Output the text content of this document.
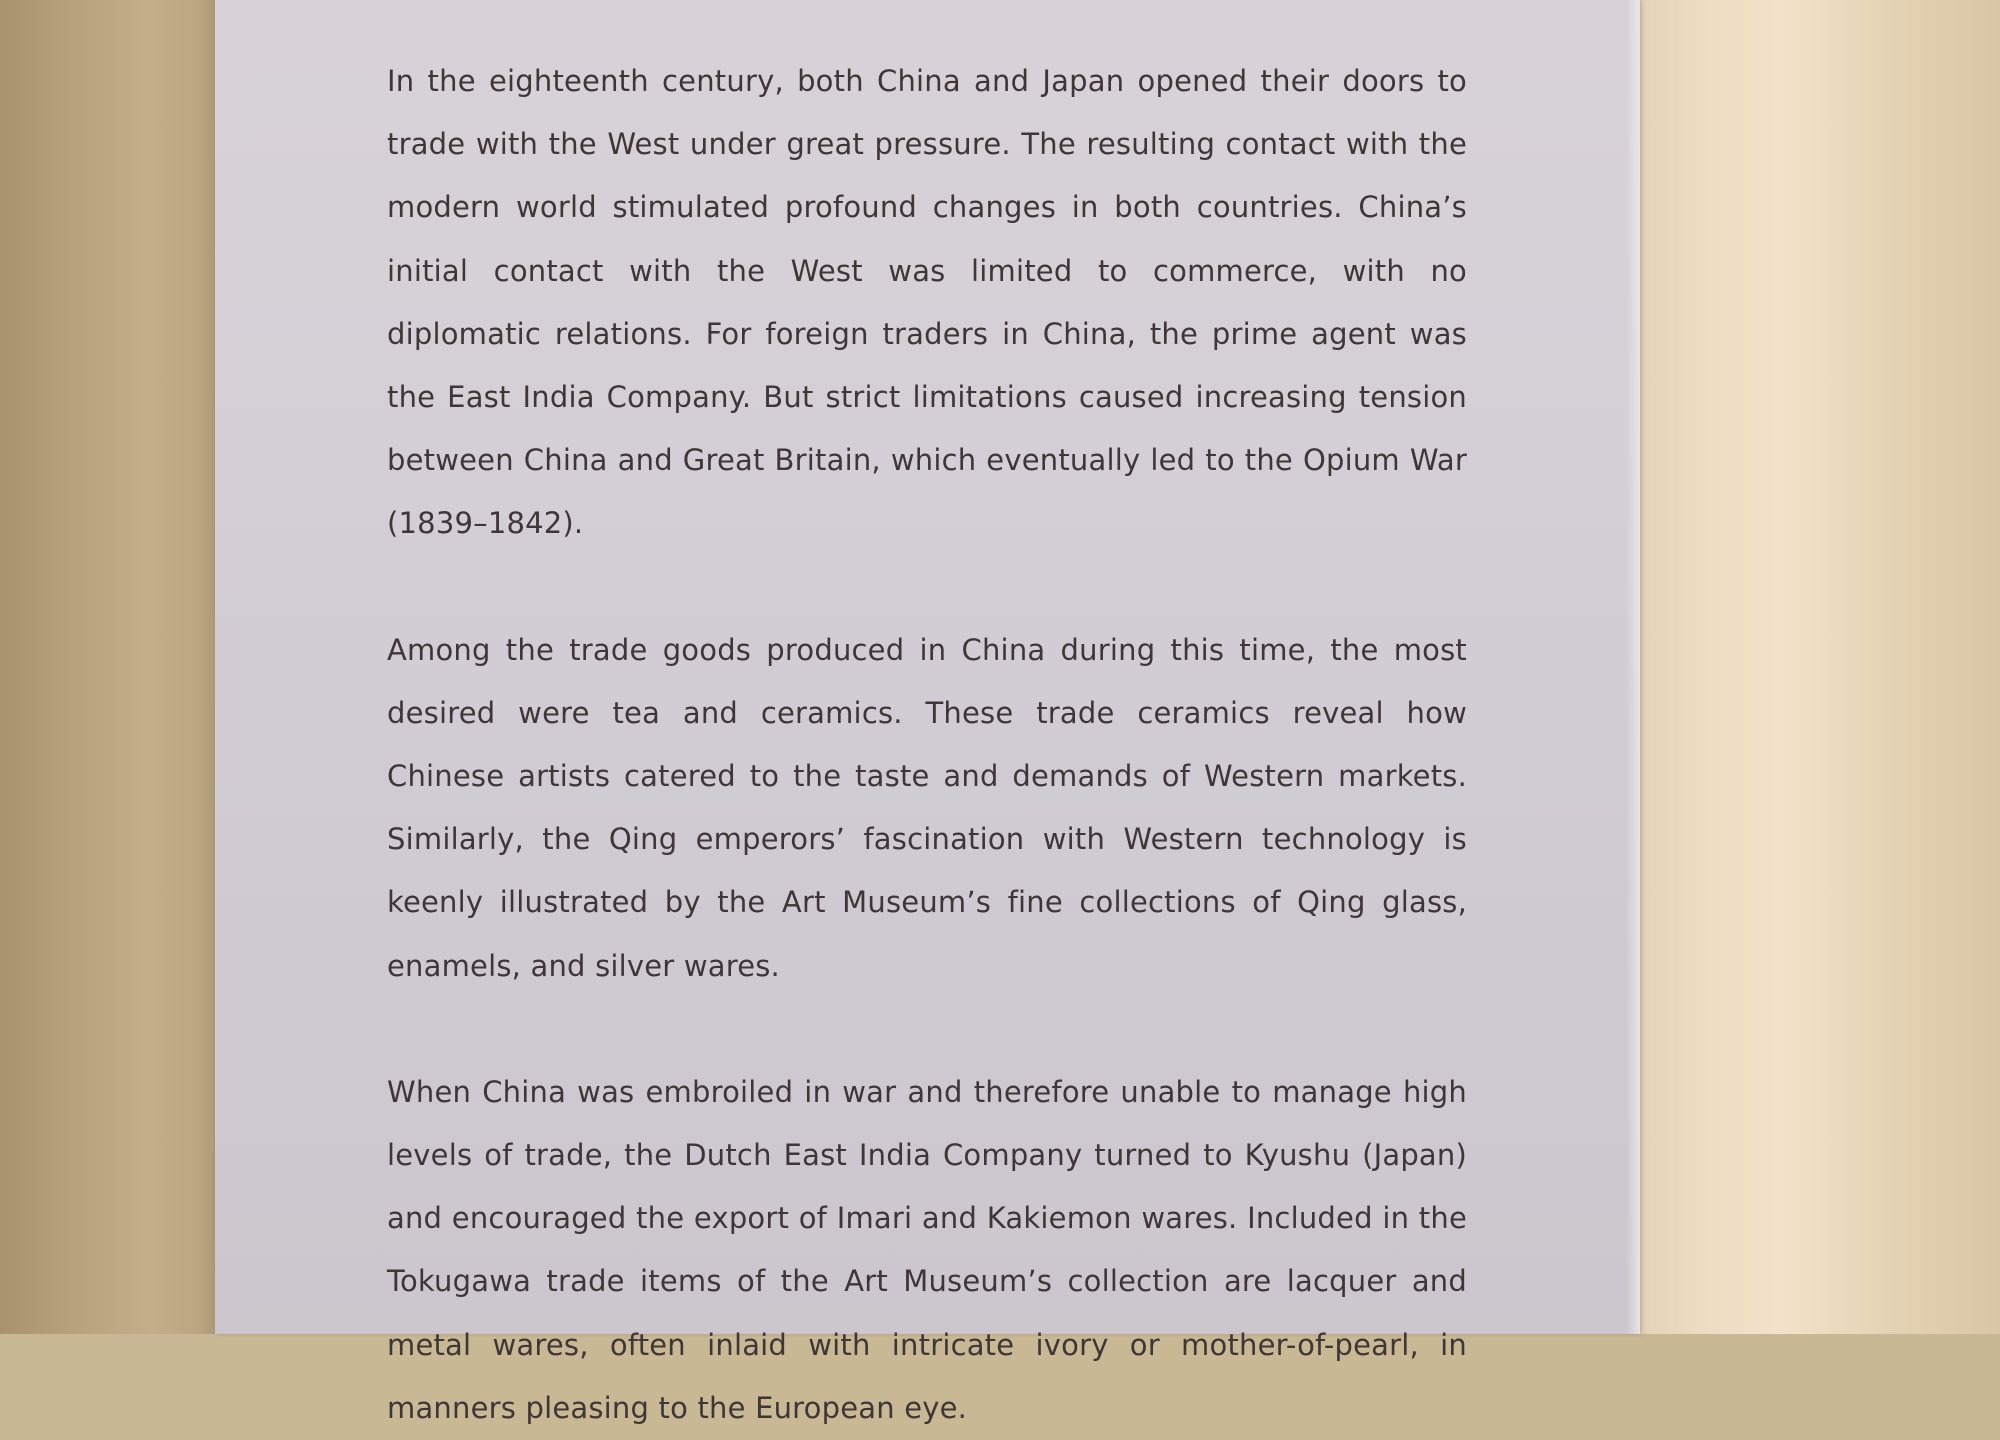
In the eighteenth century, both China and Japan opened their doors to trade with the West under great pressure. The resulting contact with the modern world stimulated profound changes in both countries. China’s initial contact with the West was limited to commerce, with no diplomatic relations. For foreign traders in China, the prime agent was the East India Company. But strict limitations caused increasing tension between China and Great Britain, which eventually led to the Opium War (1839–1842).

Among the trade goods produced in China during this time, the most desired were tea and ceramics. These trade ceramics reveal how Chinese artists catered to the taste and demands of Western markets. Similarly, the Qing emperors’ fascination with Western technology is keenly illustrated by the Art Museum’s fine collections of Qing glass, enamels, and silver wares.

When China was embroiled in war and therefore unable to manage high levels of trade, the Dutch East India Company turned to Kyushu (Japan) and encouraged the export of Imari and Kakiemon wares. Included in the Tokugawa trade items of the Art Museum’s collection are lacquer and metal wares, often inlaid with intricate ivory or mother-of-pearl, in manners pleasing to the European eye.
